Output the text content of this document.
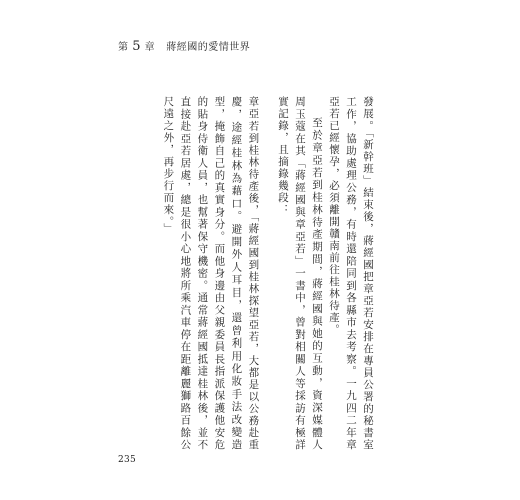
第 5 章 蔣經國的愛情世界

發展。「新幹班」結束後，蔣經國把章亞若安排在專員公署的秘書室工作，協助處理公務，有時還陪同到各縣市去考察。一九四二年章亞若已經懷孕，必須離開贛南前往桂林待產。

至於章亞若到桂林待產期間，蔣經國與她的互動，資深媒體人周玉蔻在其「蔣經國與章亞若」一書中，曾對相關人等採訪有極詳實記錄，且摘錄幾段：

章亞若到桂林待產後，「蔣經國到桂林探望亞若，大都是以公務赴重慶，途經桂林為藉口。避開外人耳目，還曾利用化妝手法改變造型，掩飾自己的真實身分。而他身邊由父親委員長指派保護他安危的貼身侍衛人員，也幫著保守機密。通常蔣經國抵達桂林後，並不直接赴亞若居處，總是很小心地將所乘汽車停在距離麗獅路百餘公尺遠之外，再步行而來。」

235
